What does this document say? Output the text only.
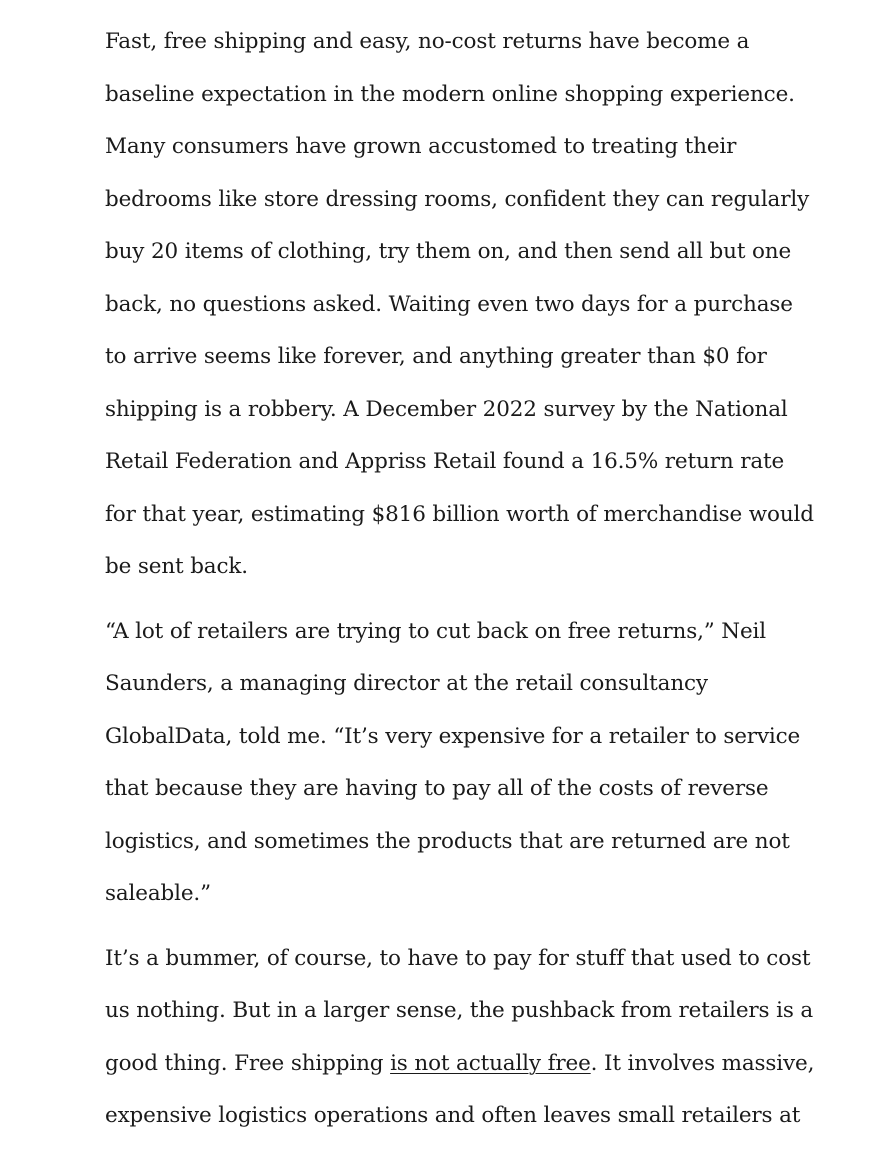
Fast, free shipping and easy, no-cost returns have become a baseline expectation in the modern online shopping experience. Many consumers have grown accustomed to treating their bedrooms like store dressing rooms, confident they can regularly buy 20 items of clothing, try them on, and then send all but one back, no questions asked. Waiting even two days for a purchase to arrive seems like forever, and anything greater than $0 for shipping is a robbery. A December 2022 survey by the National Retail Federation and Appriss Retail found a 16.5% return rate for that year, estimating $816 billion worth of merchandise would be sent back.

“A lot of retailers are trying to cut back on free returns,” Neil Saunders, a managing director at the retail consultancy GlobalData, told me. “It’s very expensive for a retailer to service that because they are having to pay all of the costs of reverse logistics, and sometimes the products that are returned are not saleable.”

It’s a bummer, of course, to have to pay for stuff that used to cost us nothing. But in a larger sense, the pushback from retailers is a good thing. Free shipping is not actually free. It involves massive, expensive logistics operations and often leaves small retailers at
